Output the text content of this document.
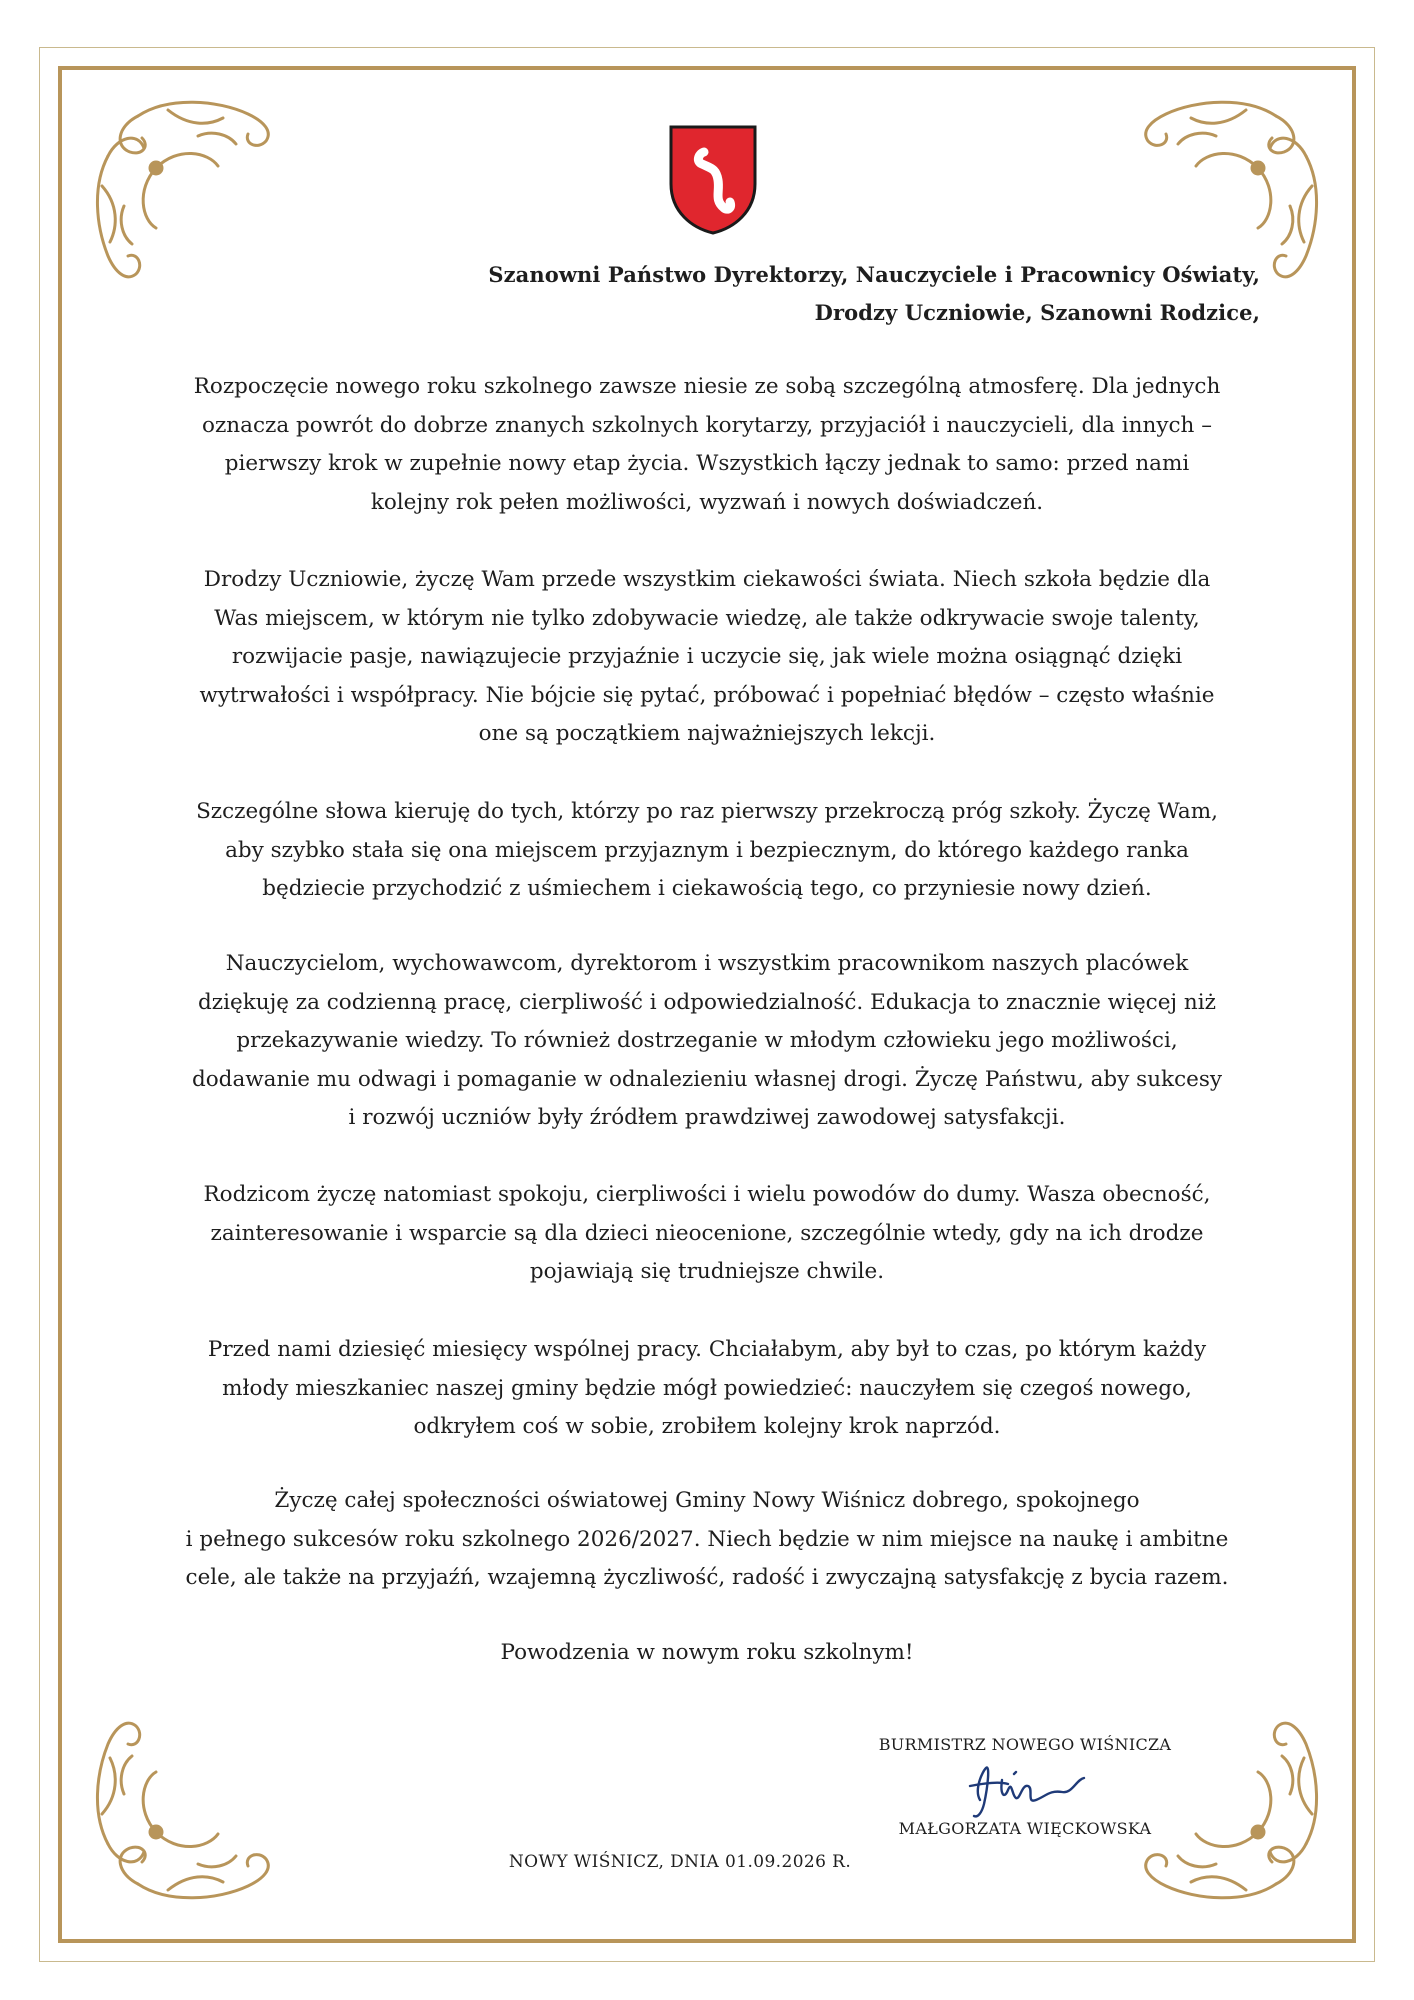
Szanowni Państwo Dyrektorzy, Nauczyciele i Pracownicy Oświaty,
Drodzy Uczniowie, Szanowni Rodzice,
Rozpoczęcie nowego roku szkolnego zawsze niesie ze sobą szczególną atmosferę. Dla jednych
oznacza powrót do dobrze znanych szkolnych korytarzy, przyjaciół i nauczycieli, dla innych –
pierwszy krok w zupełnie nowy etap życia. Wszystkich łączy jednak to samo: przed nami
kolejny rok pełen możliwości, wyzwań i nowych doświadczeń.
Drodzy Uczniowie, życzę Wam przede wszystkim ciekawości świata. Niech szkoła będzie dla
Was miejscem, w którym nie tylko zdobywacie wiedzę, ale także odkrywacie swoje talenty,
rozwijacie pasje, nawiązujecie przyjaźnie i uczycie się, jak wiele można osiągnąć dzięki
wytrwałości i współpracy. Nie bójcie się pytać, próbować i popełniać błędów – często właśnie
one są początkiem najważniejszych lekcji.
Szczególne słowa kieruję do tych, którzy po raz pierwszy przekroczą próg szkoły. Życzę Wam,
aby szybko stała się ona miejscem przyjaznym i bezpiecznym, do którego każdego ranka
będziecie przychodzić z uśmiechem i ciekawością tego, co przyniesie nowy dzień.
Nauczycielom, wychowawcom, dyrektorom i wszystkim pracownikom naszych placówek
dziękuję za codzienną pracę, cierpliwość i odpowiedzialność. Edukacja to znacznie więcej niż
przekazywanie wiedzy. To również dostrzeganie w młodym człowieku jego możliwości,
dodawanie mu odwagi i pomaganie w odnalezieniu własnej drogi. Życzę Państwu, aby sukcesy
i rozwój uczniów były źródłem prawdziwej zawodowej satysfakcji.
Rodzicom życzę natomiast spokoju, cierpliwości i wielu powodów do dumy. Wasza obecność,
zainteresowanie i wsparcie są dla dzieci nieocenione, szczególnie wtedy, gdy na ich drodze
pojawiają się trudniejsze chwile.
Przed nami dziesięć miesięcy wspólnej pracy. Chciałabym, aby był to czas, po którym każdy
młody mieszkaniec naszej gminy będzie mógł powiedzieć: nauczyłem się czegoś nowego,
odkryłem coś w sobie, zrobiłem kolejny krok naprzód.
Życzę całej społeczności oświatowej Gminy Nowy Wiśnicz dobrego, spokojnego
i pełnego sukcesów roku szkolnego 2026/2027. Niech będzie w nim miejsce na naukę i ambitne
cele, ale także na przyjaźń, wzajemną życzliwość, radość i zwyczajną satysfakcję z bycia razem.
Powodzenia w nowym roku szkolnym!
BURMISTRZ NOWEGO WIŚNICZA
MAŁGORZATA WIĘCKOWSKA
NOWY WIŚNICZ, DNIA 01.09.2026 R.
